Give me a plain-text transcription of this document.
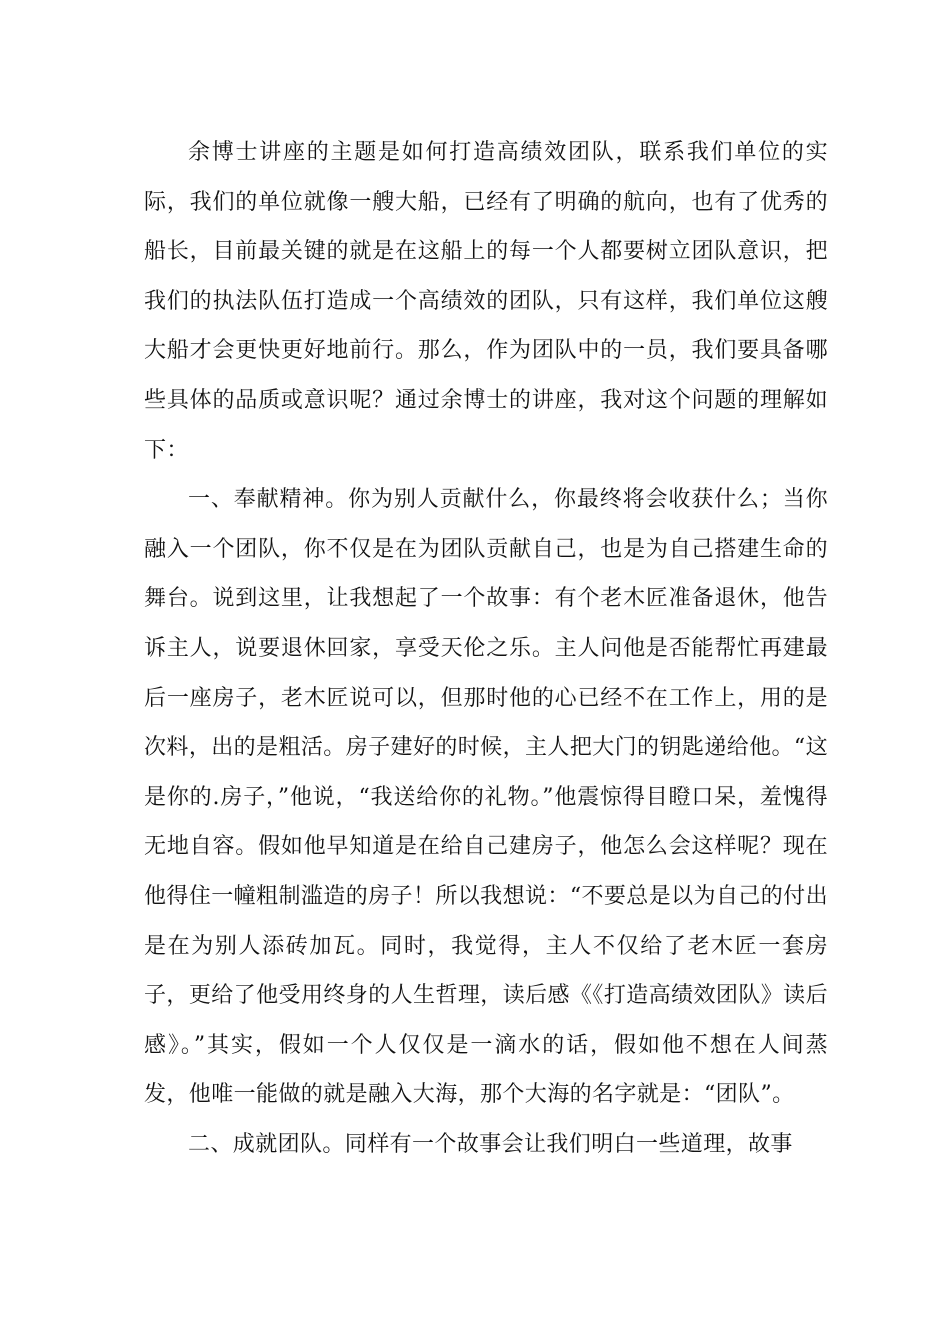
余博士讲座的主题是如何打造高绩效团队，联系我们单位的实际，我们的单位就像一艘大船，已经有了明确的航向，也有了优秀的船长，目前最关键的就是在这船上的每一个人都要树立团队意识，把我们的执法队伍打造成一个高绩效的团队，只有这样，我们单位这艘大船才会更快更好地前行。那么，作为团队中的一员，我们要具备哪些具体的品质或意识呢？通过余博士的讲座，我对这个问题的理解如下：

一、奉献精神。你为别人贡献什么，你最终将会收获什么；当你融入一个团队，你不仅是在为团队贡献自己，也是为自己搭建生命的舞台。说到这里，让我想起了一个故事：有个老木匠准备退休，他告诉主人，说要退休回家，享受天伦之乐。主人问他是否能帮忙再建最后一座房子，老木匠说可以，但那时他的心已经不在工作上，用的是次料，出的是粗活。房子建好的时候，主人把大门的钥匙递给他。“这是你的.房子，”他说，“我送给你的礼物。”他震惊得目瞪口呆，羞愧得无地自容。假如他早知道是在给自己建房子，他怎么会这样呢？现在他得住一幢粗制滥造的房子！所以我想说：“不要总是以为自己的付出是在为别人添砖加瓦。同时，我觉得，主人不仅给了老木匠一套房子，更给了他受用终身的人生哲理，读后感《《打造高绩效团队》读后感》。”其实，假如一个人仅仅是一滴水的话，假如他不想在人间蒸发，他唯一能做的就是融入大海，那个大海的名字就是：“团队”。

二、成就团队。同样有一个故事会让我们明白一些道理，故事
